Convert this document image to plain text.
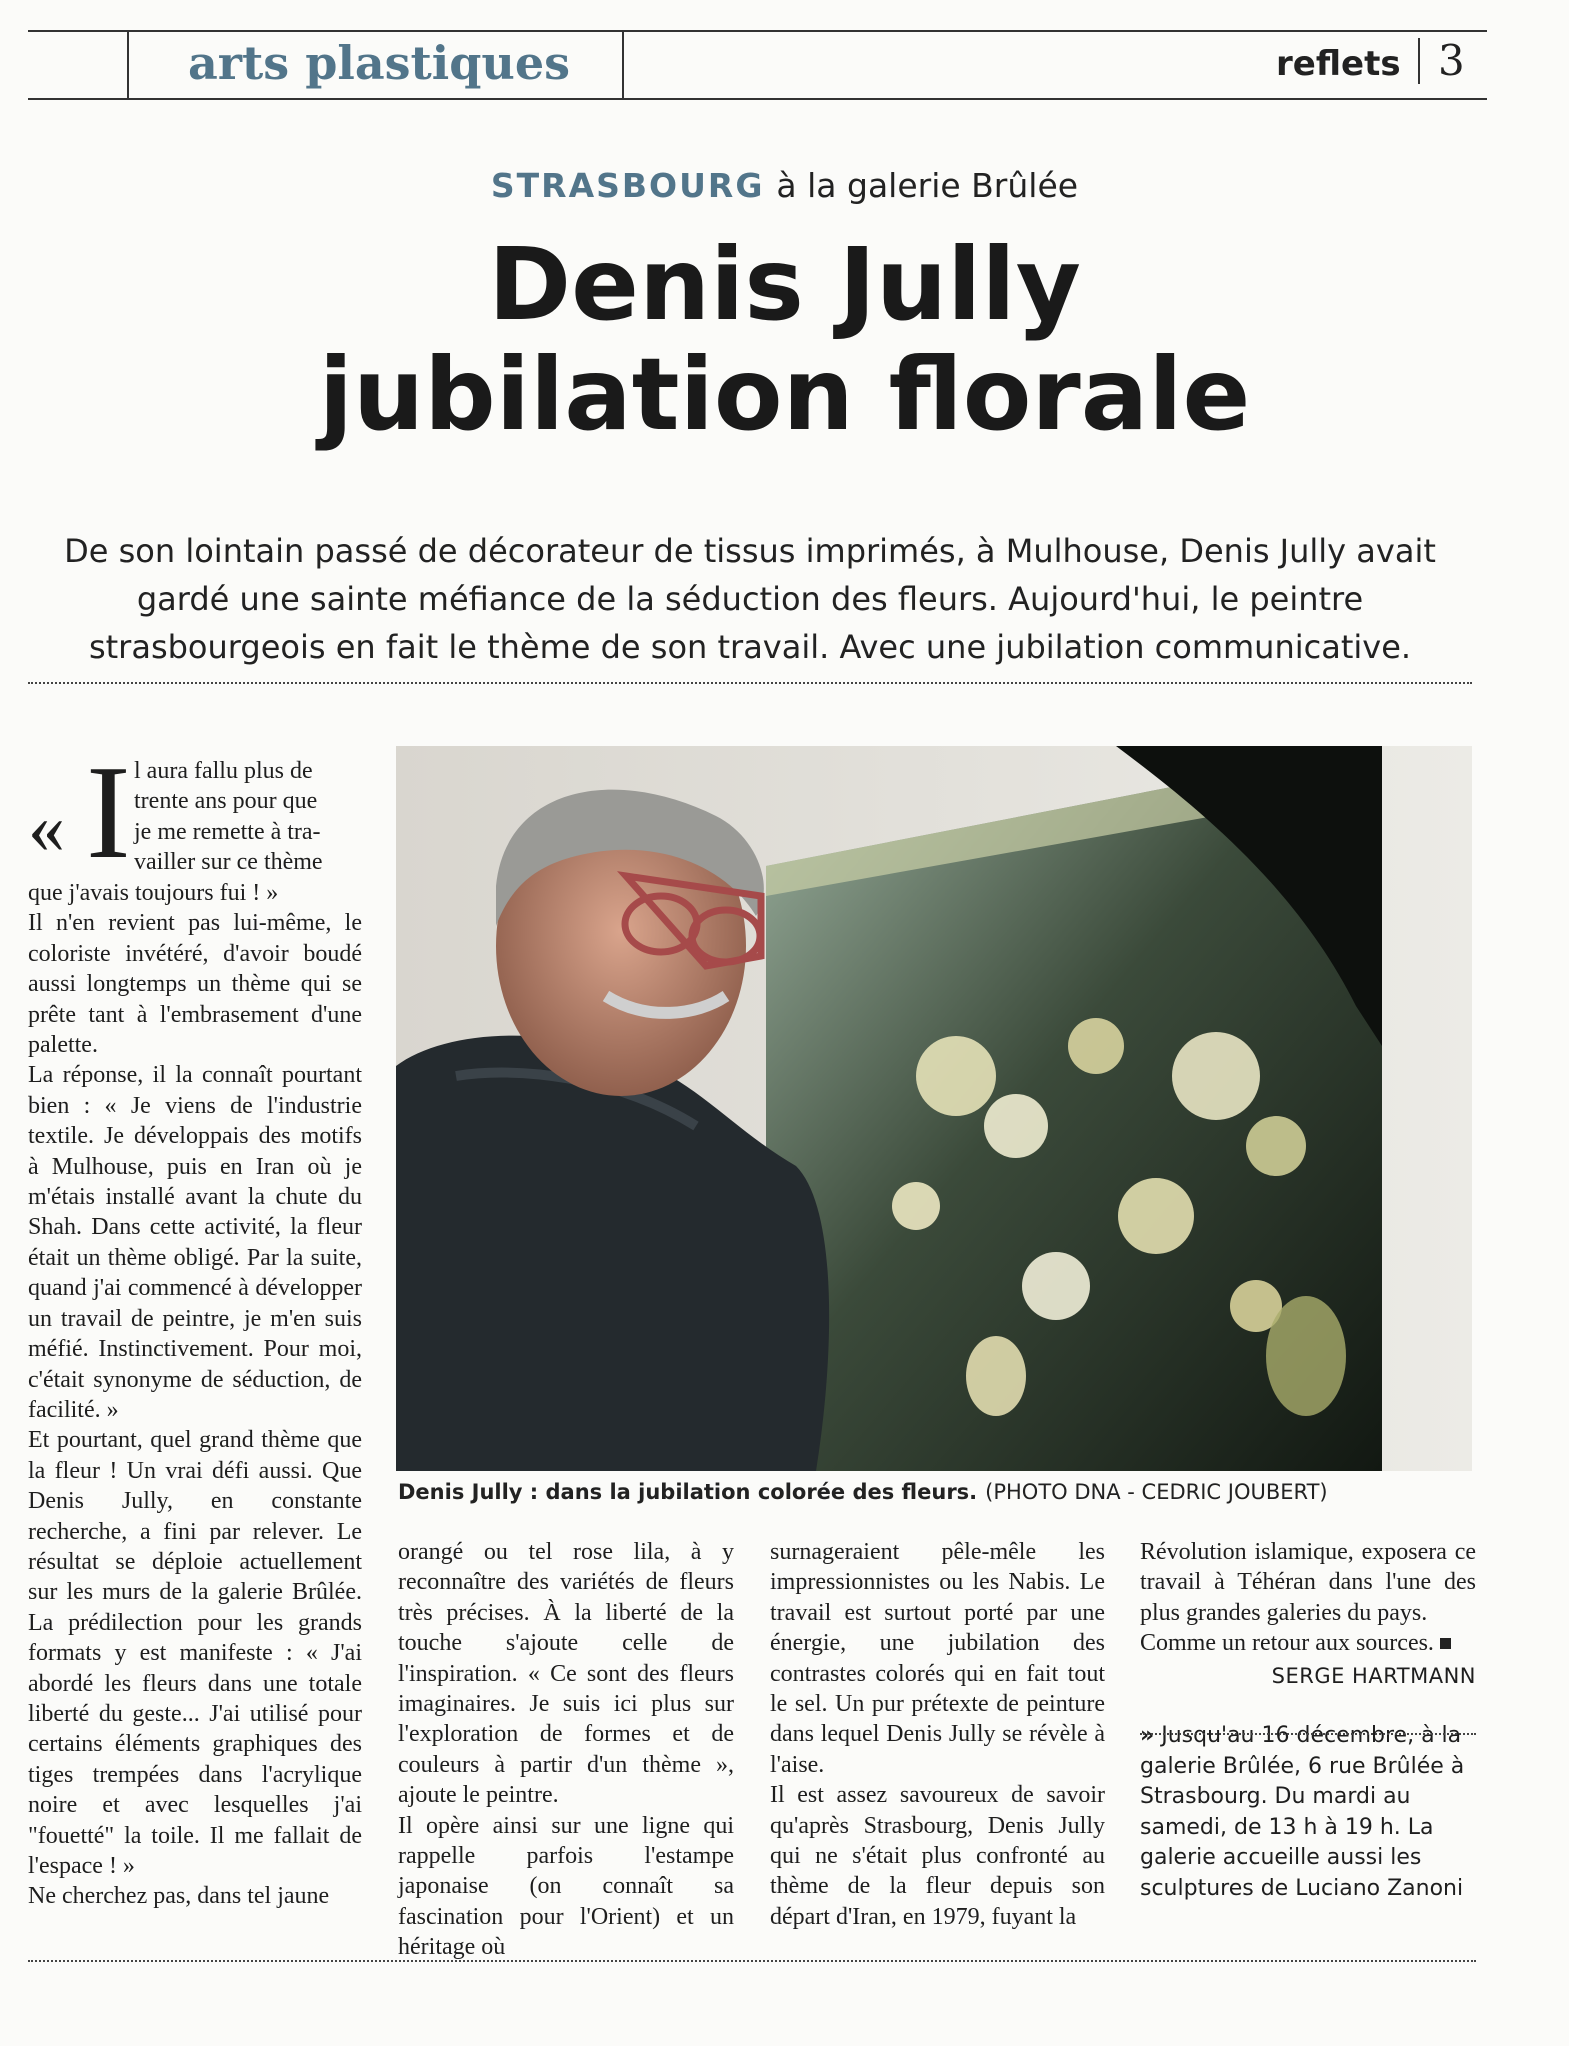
arts plastiques	reflets 3
STRASBOURG à la galerie Brûlée
Denis Jully
jubilation florale
De son lointain passé de décorateur de tissus imprimés, à Mulhouse, Denis Jully avait
gardé une sainte méfiance de la séduction des fleurs. Aujourd'hui, le peintre
strasbourgeois en fait le thème de son travail. Avec une jubilation communicative.
Denis Jully : dans la jubilation colorée des fleurs. (PHOTO DNA - CEDRIC JOUBERT)
« I l aura fallu plus de
trente ans pour que
je me remette à tra-
vailler sur ce thème

que j'avais toujours fui ! »

Il n'en revient pas lui-même, le coloriste invétéré, d'avoir boudé aussi longtemps un thème qui se prête tant à l'embrasement d'une palette.

La réponse, il la connaît pourtant bien : « Je viens de l'industrie textile. Je développais des motifs à Mulhouse, puis en Iran où je m'étais installé avant la chute du Shah. Dans cette activité, la fleur était un thème obligé. Par la suite, quand j'ai commencé à développer un travail de peintre, je m'en suis méfié. Instinctivement. Pour moi, c'était synonyme de séduction, de facilité. »

Et pourtant, quel grand thème que la fleur ! Un vrai défi aussi. Que Denis Jully, en constante recherche, a fini par relever. Le résultat se déploie actuellement sur les murs de la galerie Brûlée. La prédilection pour les grands formats y est manifeste : « J'ai abordé les fleurs dans une totale liberté du geste... J'ai utilisé pour certains éléments graphiques des tiges trempées dans l'acrylique noire et avec lesquelles j'ai "fouetté" la toile. Il me fallait de l'espace ! »

Ne cherchez pas, dans tel jaune

orangé ou tel rose lila, à y reconnaître des variétés de fleurs très précises. À la liberté de la touche s'ajoute celle de l'inspiration. « Ce sont des fleurs imaginaires. Je suis ici plus sur l'exploration de formes et de couleurs à partir d'un thème », ajoute le peintre.

Il opère ainsi sur une ligne qui rappelle parfois l'estampe japonaise (on connaît sa fascination pour l'Orient) et un héritage où

surnageraient pêle-mêle les impressionnistes ou les Nabis. Le travail est surtout porté par une énergie, une jubilation des contrastes colorés qui en fait tout le sel. Un pur prétexte de peinture dans lequel Denis Jully se révèle à l'aise.

Il est assez savoureux de savoir qu'après Strasbourg, Denis Jully qui ne s'était plus confronté au thème de la fleur depuis son départ d'Iran, en 1979, fuyant la

Révolution islamique, exposera ce travail à Téhéran dans l'une des plus grandes galeries du pays.

Comme un retour aux sources.

SERGE HARTMANN
» Jusqu'au 16 décembre, à la galerie Brûlée, 6 rue Brûlée à Strasbourg. Du mardi au samedi, de 13 h à 19 h. La galerie accueille aussi les sculptures de Luciano Zanoni
